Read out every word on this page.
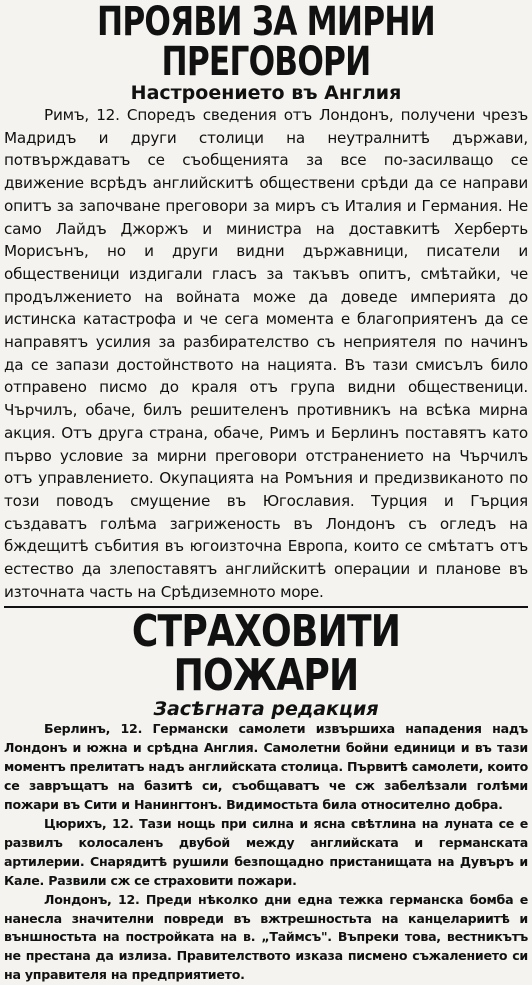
ПРОЯВИ ЗА МИРНИ ПРЕГОВОРИ
Настроението въ Англия

Римъ, 12. Споредъ сведения отъ Лондонъ, получени чрезъ Мадридъ и други столици на неутралнитѣ държави, потвърждаватъ се съобщенията за все по-засилващо се движение всрѣдъ английскитѣ обществени срѣди да се направи опитъ за започване преговори за миръ съ Италия и Германия. Не само Лайдъ Джоржъ и министра на доставкитѣ Херберть Морисънъ, но и други видни държавници, писатели и общественици издигали гласъ за такъвъ опитъ, смѣтайки, че продължението на войната може да доведе империята до истинска катастрофа и че сега момента е благоприятенъ да се направятъ усилия за разбирателство съ неприятеля по начинъ да се запази достойнството на нацията. Въ тази смисълъ било отправено писмо до краля отъ група видни общественици. Чърчилъ, обаче, билъ решителенъ противникъ на всѣка мирна акция. Отъ друга страна, обаче, Римъ и Берлинъ поставятъ като първо условие за мирни преговори отстранението на Чърчилъ отъ управлението. Окупацията на Ромъния и предизвиканото по този поводъ смущение въ Югославия. Турция и Гърция създаватъ голѣма загриженость въ Лондонъ съ огледъ на бждещитѣ събития въ югоизточна Европа, които се смѣтатъ отъ естество да злепоставятъ английскитѣ операции и планове въ източната часть на Срѣдиземното море.

СТРАХОВИТИ ПОЖАРИ
Засѣгната редакция

Берлинъ, 12. Германски самолети извършиха нападения надъ Лондонъ и южна и срѣдна Англия. Самолетни бойни единици и въ тази моментъ прелитатъ надъ английската столица. Първитѣ самолети, които се завръщатъ на базитѣ си, съобщаватъ че сж забелѣзали голѣми пожари въ Сити и Нанингтонъ. Видимостьта била относително добра.

Цюрихъ, 12. Тази нощь при силна и ясна свѣтлина на луната се е развилъ колосаленъ двубой между английската и германската артилерии. Снарядитѣ рушили безпощадно пристанищата на Дувъръ и Кале. Развили сж се страховити пожари.

Лондонъ, 12. Преди нѣколко дни една тежка германска бомба е нанесла значителни повреди въ вжтрешностьта на канцелариитѣ и външностьта на постройката на в. „Таймсъ". Въпреки това, вестникътъ не престана да излиза. Правителството изказа писмено съжалението си на управителя на предприятието.
